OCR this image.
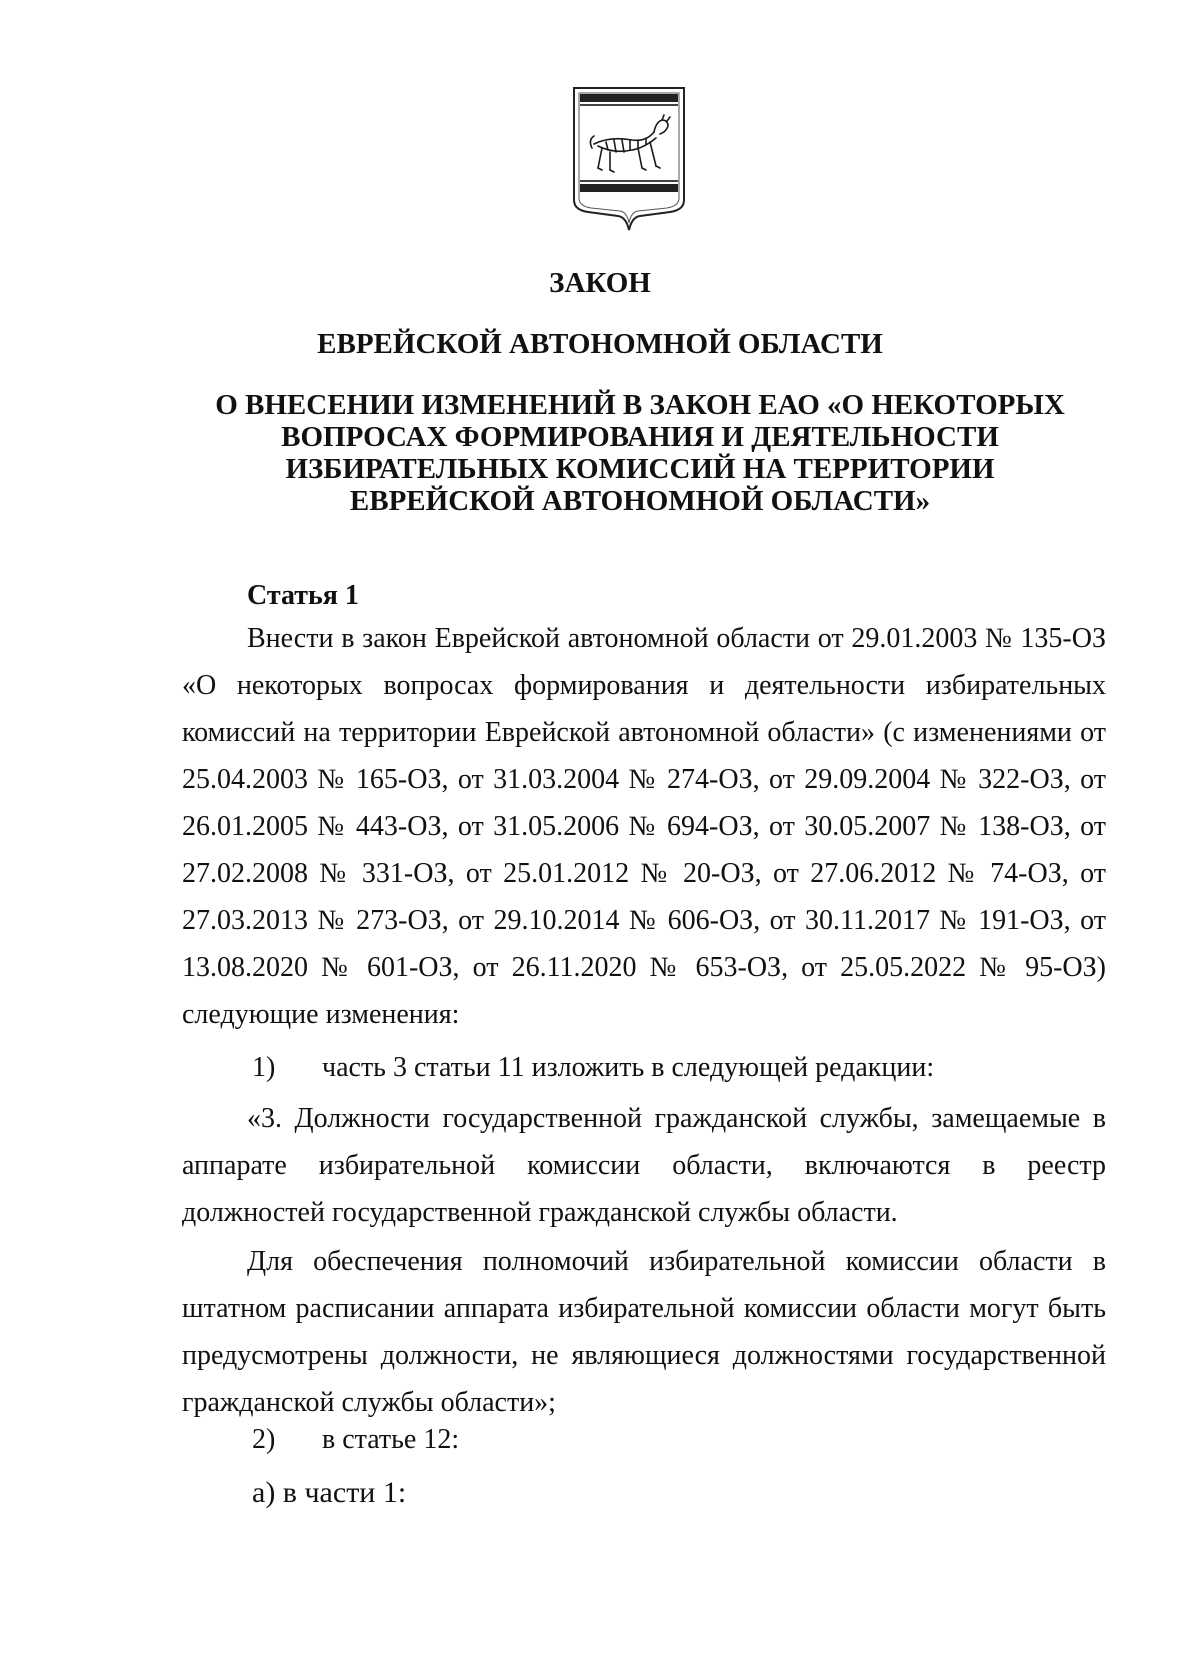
ЗАКОН
ЕВРЕЙСКОЙ АВТОНОМНОЙ ОБЛАСТИ
О ВНЕСЕНИИ ИЗМЕНЕНИЙ В ЗАКОН ЕАО «О НЕКОТОРЫХ ВОПРОСАХ ФОРМИРОВАНИЯ И ДЕЯТЕЛЬНОСТИ ИЗБИРАТЕЛЬНЫХ КОМИССИЙ НА ТЕРРИТОРИИ ЕВРЕЙСКОЙ АВТОНОМНОЙ ОБЛАСТИ»
Статья 1

Внести в закон Еврейской автономной области от 29.01.2003 № 135-ОЗ «О некоторых вопросах формирования и деятельности избирательных комиссий на территории Еврейской автономной области» (с изменениями от 25.04.2003 № 165-ОЗ, от 31.03.2004 № 274-ОЗ, от 29.09.2004 № 322-ОЗ, от 26.01.2005 № 443-ОЗ, от 31.05.2006 № 694-ОЗ, от 30.05.2007 № 138-ОЗ, от 27.02.2008 № 331-ОЗ, от 25.01.2012 № 20-ОЗ, от 27.06.2012 № 74-ОЗ, от 27.03.2013 № 273-ОЗ, от 29.10.2014 № 606-ОЗ, от 30.11.2017 № 191-ОЗ, от 13.08.2020 № 601-ОЗ, от 26.11.2020 № 653-ОЗ, от 25.05.2022 № 95-ОЗ) следующие изменения:

1) часть 3 статьи 11 изложить в следующей редакции:

«3. Должности государственной гражданской службы, замещаемые в аппарате избирательной комиссии области, включаются в реестр должностей государственной гражданской службы области.

Для обеспечения полномочий избирательной комиссии области в штатном расписании аппарата избирательной комиссии области могут быть предусмотрены должности, не являющиеся должностями государственной гражданской службы области»;

2) в статье 12:

а) в части 1:
